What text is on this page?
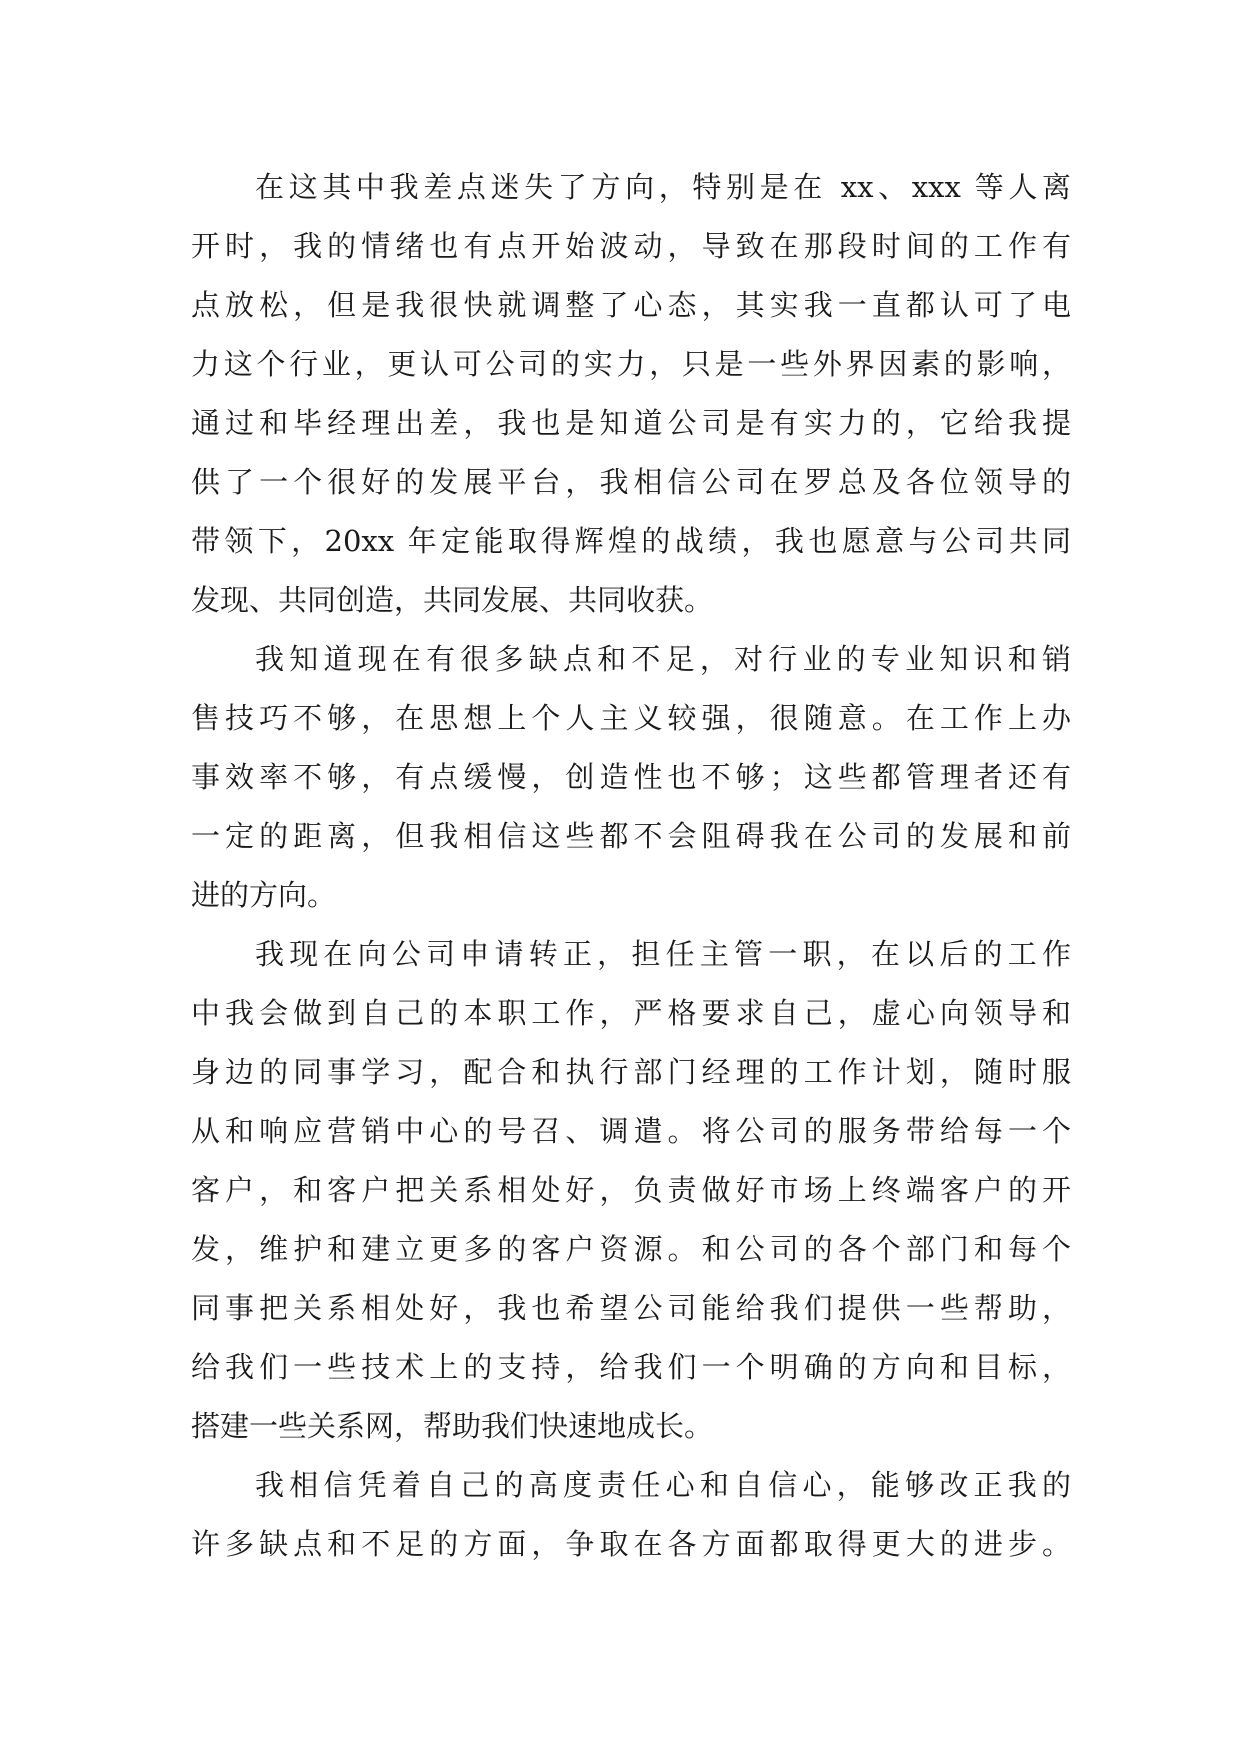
在这其中我差点迷失了方向，特别是在 xx、xxx 等人离
开时，我的情绪也有点开始波动，导致在那段时间的工作有
点放松，但是我很快就调整了心态，其实我一直都认可了电
力这个行业，更认可公司的实力，只是一些外界因素的影响，
通过和毕经理出差，我也是知道公司是有实力的，它给我提
供了一个很好的发展平台，我相信公司在罗总及各位领导的
带领下，20xx 年定能取得辉煌的战绩，我也愿意与公司共同
发现、共同创造，共同发展、共同收获。
我知道现在有很多缺点和不足，对行业的专业知识和销
售技巧不够，在思想上个人主义较强，很随意。在工作上办
事效率不够，有点缓慢，创造性也不够；这些都管理者还有
一定的距离，但我相信这些都不会阻碍我在公司的发展和前
进的方向。
我现在向公司申请转正，担任主管一职，在以后的工作
中我会做到自己的本职工作，严格要求自己，虚心向领导和
身边的同事学习，配合和执行部门经理的工作计划，随时服
从和响应营销中心的号召、调遣。将公司的服务带给每一个
客户，和客户把关系相处好，负责做好市场上终端客户的开
发，维护和建立更多的客户资源。和公司的各个部门和每个
同事把关系相处好，我也希望公司能给我们提供一些帮助，
给我们一些技术上的支持，给我们一个明确的方向和目标，
搭建一些关系网，帮助我们快速地成长。
我相信凭着自己的高度责任心和自信心，能够改正我的
许多缺点和不足的方面，争取在各方面都取得更大的进步。
